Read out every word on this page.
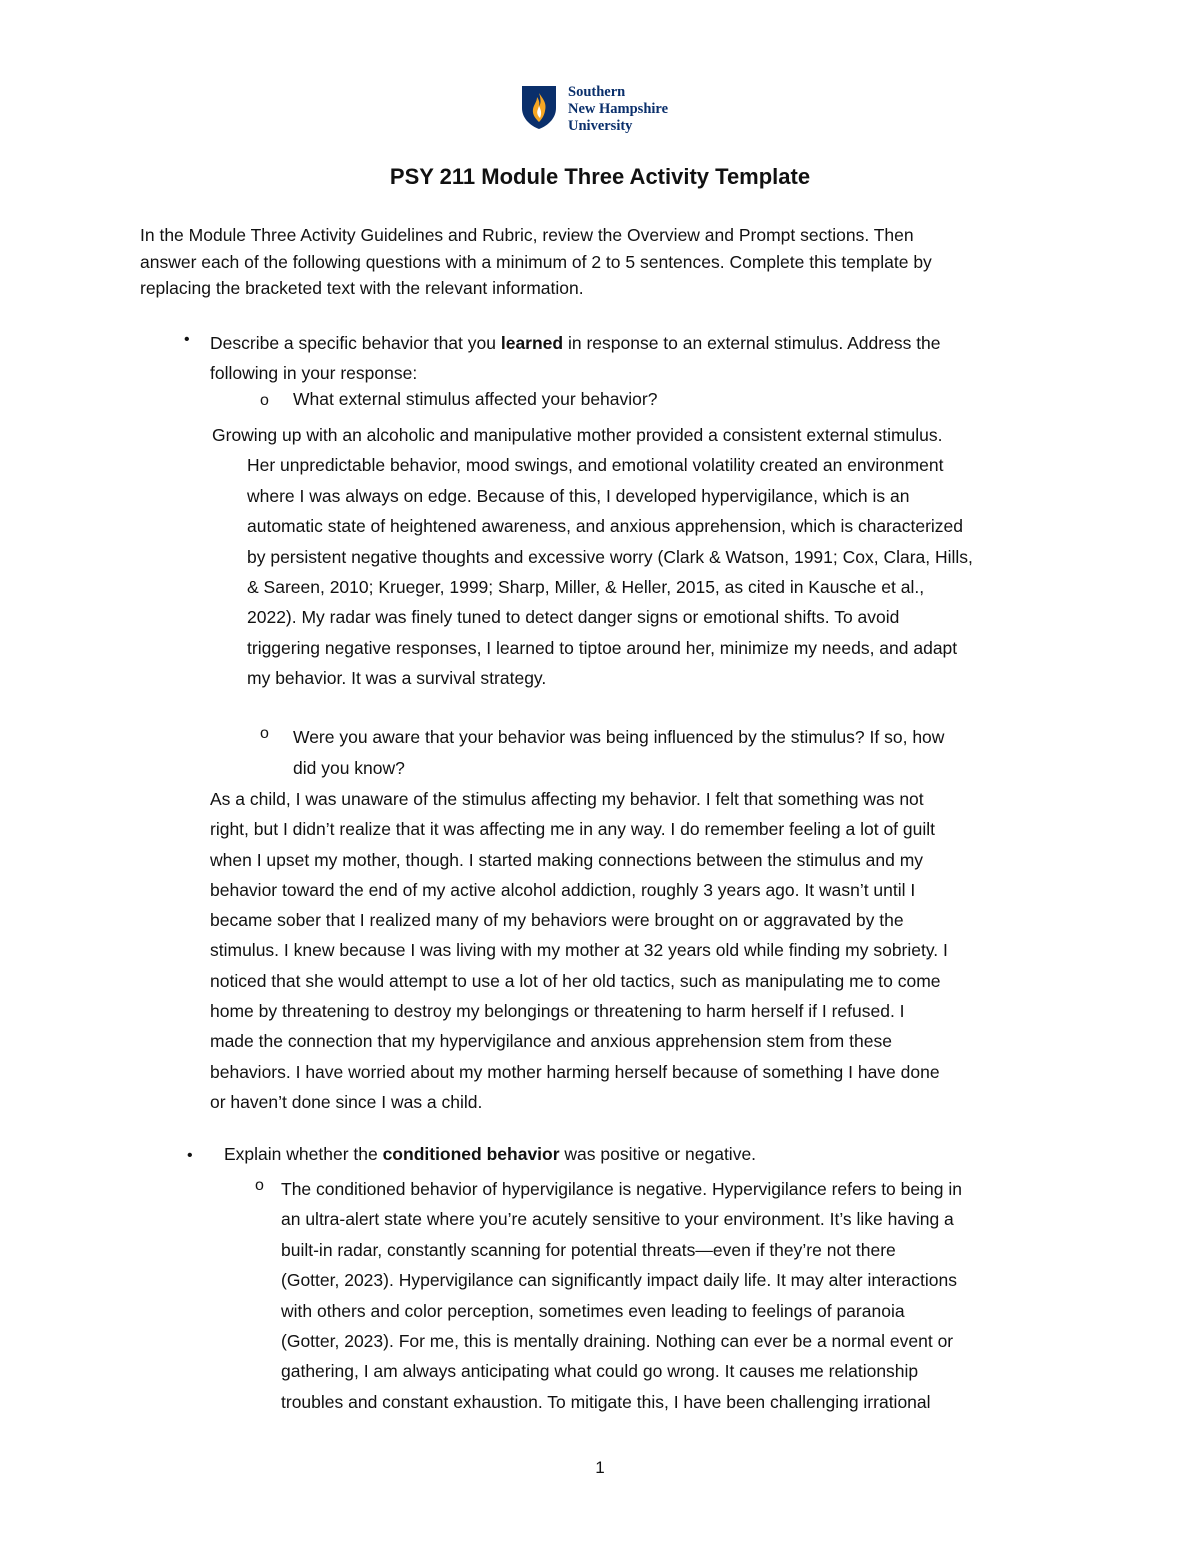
Southern
New Hampshire
University
PSY 211 Module Three Activity Template
In the Module Three Activity Guidelines and Rubric, review the Overview and Prompt sections. Then
answer each of the following questions with a minimum of 2 to 5 sentences. Complete this template by
replacing the bracketed text with the relevant information.
• Describe a specific behavior that you learned in response to an external stimulus. Address the
following in your response:
o What external stimulus affected your behavior?
Growing up with an alcoholic and manipulative mother provided a consistent external stimulus.
Her unpredictable behavior, mood swings, and emotional volatility created an environment
where I was always on edge. Because of this, I developed hypervigilance, which is an
automatic state of heightened awareness, and anxious apprehension, which is characterized
by persistent negative thoughts and excessive worry (Clark & Watson, 1991; Cox, Clara, Hills,
& Sareen, 2010; Krueger, 1999; Sharp, Miller, & Heller, 2015, as cited in Kausche et al.,
2022). My radar was finely tuned to detect danger signs or emotional shifts. To avoid
triggering negative responses, I learned to tiptoe around her, minimize my needs, and adapt
my behavior. It was a survival strategy.
o Were you aware that your behavior was being influenced by the stimulus? If so, how
did you know?
As a child, I was unaware of the stimulus affecting my behavior. I felt that something was not
right, but I didn’t realize that it was affecting me in any way. I do remember feeling a lot of guilt
when I upset my mother, though. I started making connections between the stimulus and my
behavior toward the end of my active alcohol addiction, roughly 3 years ago. It wasn’t until I
became sober that I realized many of my behaviors were brought on or aggravated by the
stimulus. I knew because I was living with my mother at 32 years old while finding my sobriety. I
noticed that she would attempt to use a lot of her old tactics, such as manipulating me to come
home by threatening to destroy my belongings or threatening to harm herself if I refused. I
made the connection that my hypervigilance and anxious apprehension stem from these
behaviors. I have worried about my mother harming herself because of something I have done
or haven’t done since I was a child.
• Explain whether the conditioned behavior was positive or negative.
o The conditioned behavior of hypervigilance is negative. Hypervigilance refers to being in
an ultra-alert state where you’re acutely sensitive to your environment. It’s like having a
built-in radar, constantly scanning for potential threats—even if they’re not there
(Gotter, 2023). Hypervigilance can significantly impact daily life. It may alter interactions
with others and color perception, sometimes even leading to feelings of paranoia
(Gotter, 2023). For me, this is mentally draining. Nothing can ever be a normal event or
gathering, I am always anticipating what could go wrong. It causes me relationship
troubles and constant exhaustion. To mitigate this, I have been challenging irrational
1
